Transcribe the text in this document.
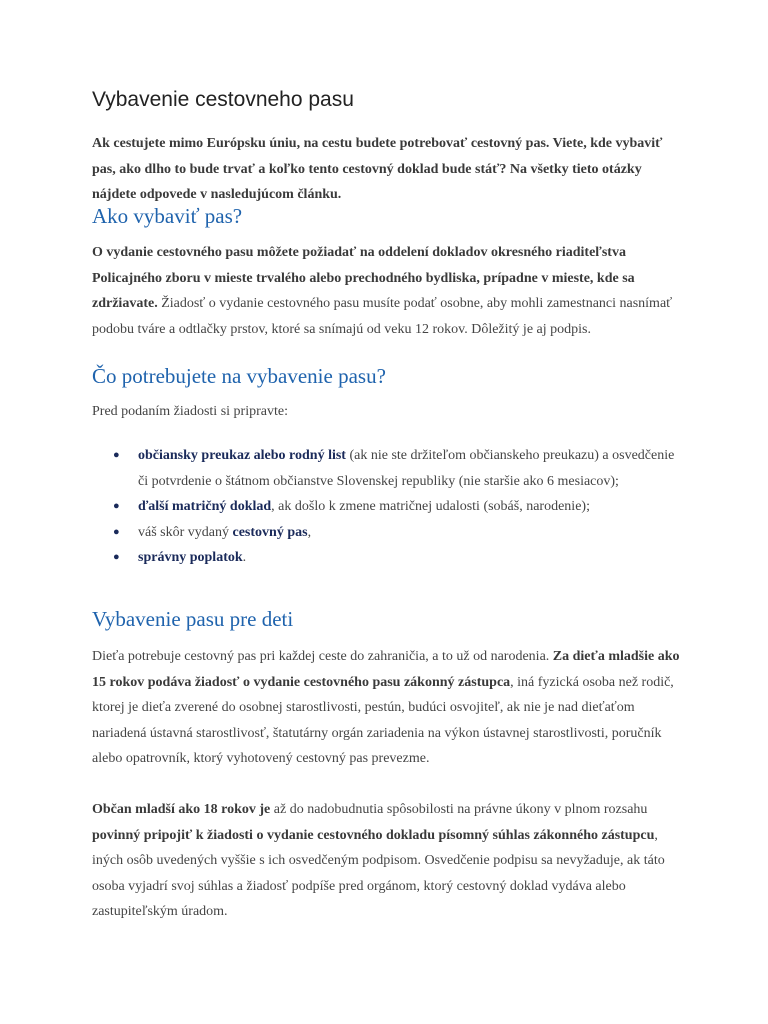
Vybavenie cestovneho pasu

Ak cestujete mimo Európsku úniu, na cestu budete potrebovať cestovný pas. Viete, kde vybaviť pas, ako dlho to bude trvať a koľko tento cestovný doklad bude stáť? Na všetky tieto otázky nájdete odpovede v nasledujúcom článku.

Ako vybaviť pas?

O vydanie cestovného pasu môžete požiadať na oddelení dokladov okresného riaditeľstva Policajného zboru v mieste trvalého alebo prechodného bydliska, prípadne v mieste, kde sa zdržiavate. Žiadosť o vydanie cestovného pasu musíte podať osobne, aby mohli zamestnanci nasnímať podobu tváre a odtlačky prstov, ktoré sa snímajú od veku 12 rokov. Dôležitý je aj podpis.

Čo potrebujete na vybavenie pasu?

Pred podaním žiadosti si pripravte:

● občiansky preukaz alebo rodný list (ak nie ste držiteľom občianskeho preukazu) a osvedčenie či potvrdenie o štátnom občianstve Slovenskej republiky (nie staršie ako 6 mesiacov);
● ďalší matričný doklad, ak došlo k zmene matričnej udalosti (sobáš, narodenie);
● váš skôr vydaný cestovný pas,
● správny poplatok.
Vybavenie pasu pre deti

Dieťa potrebuje cestovný pas pri každej ceste do zahraničia, a to už od narodenia. Za dieťa mladšie ako 15 rokov podáva žiadosť o vydanie cestovného pasu zákonný zástupca, iná fyzická osoba než rodič, ktorej je dieťa zverené do osobnej starostlivosti, pestún, budúci osvojiteľ, ak nie je nad dieťaťom nariadená ústavná starostlivosť, štatutárny orgán zariadenia na výkon ústavnej starostlivosti, poručník alebo opatrovník, ktorý vyhotovený cestovný pas prevezme.

Občan mladší ako 18 rokov je až do nadobudnutia spôsobilosti na právne úkony v plnom rozsahu povinný pripojiť k žiadosti o vydanie cestovného dokladu písomný súhlas zákonného zástupcu, iných osôb uvedených vyššie s ich osvedčeným podpisom. Osvedčenie podpisu sa nevyžaduje, ak táto osoba vyjadrí svoj súhlas a žiadosť podpíše pred orgánom, ktorý cestovný doklad vydáva alebo zastupiteľským úradom.
